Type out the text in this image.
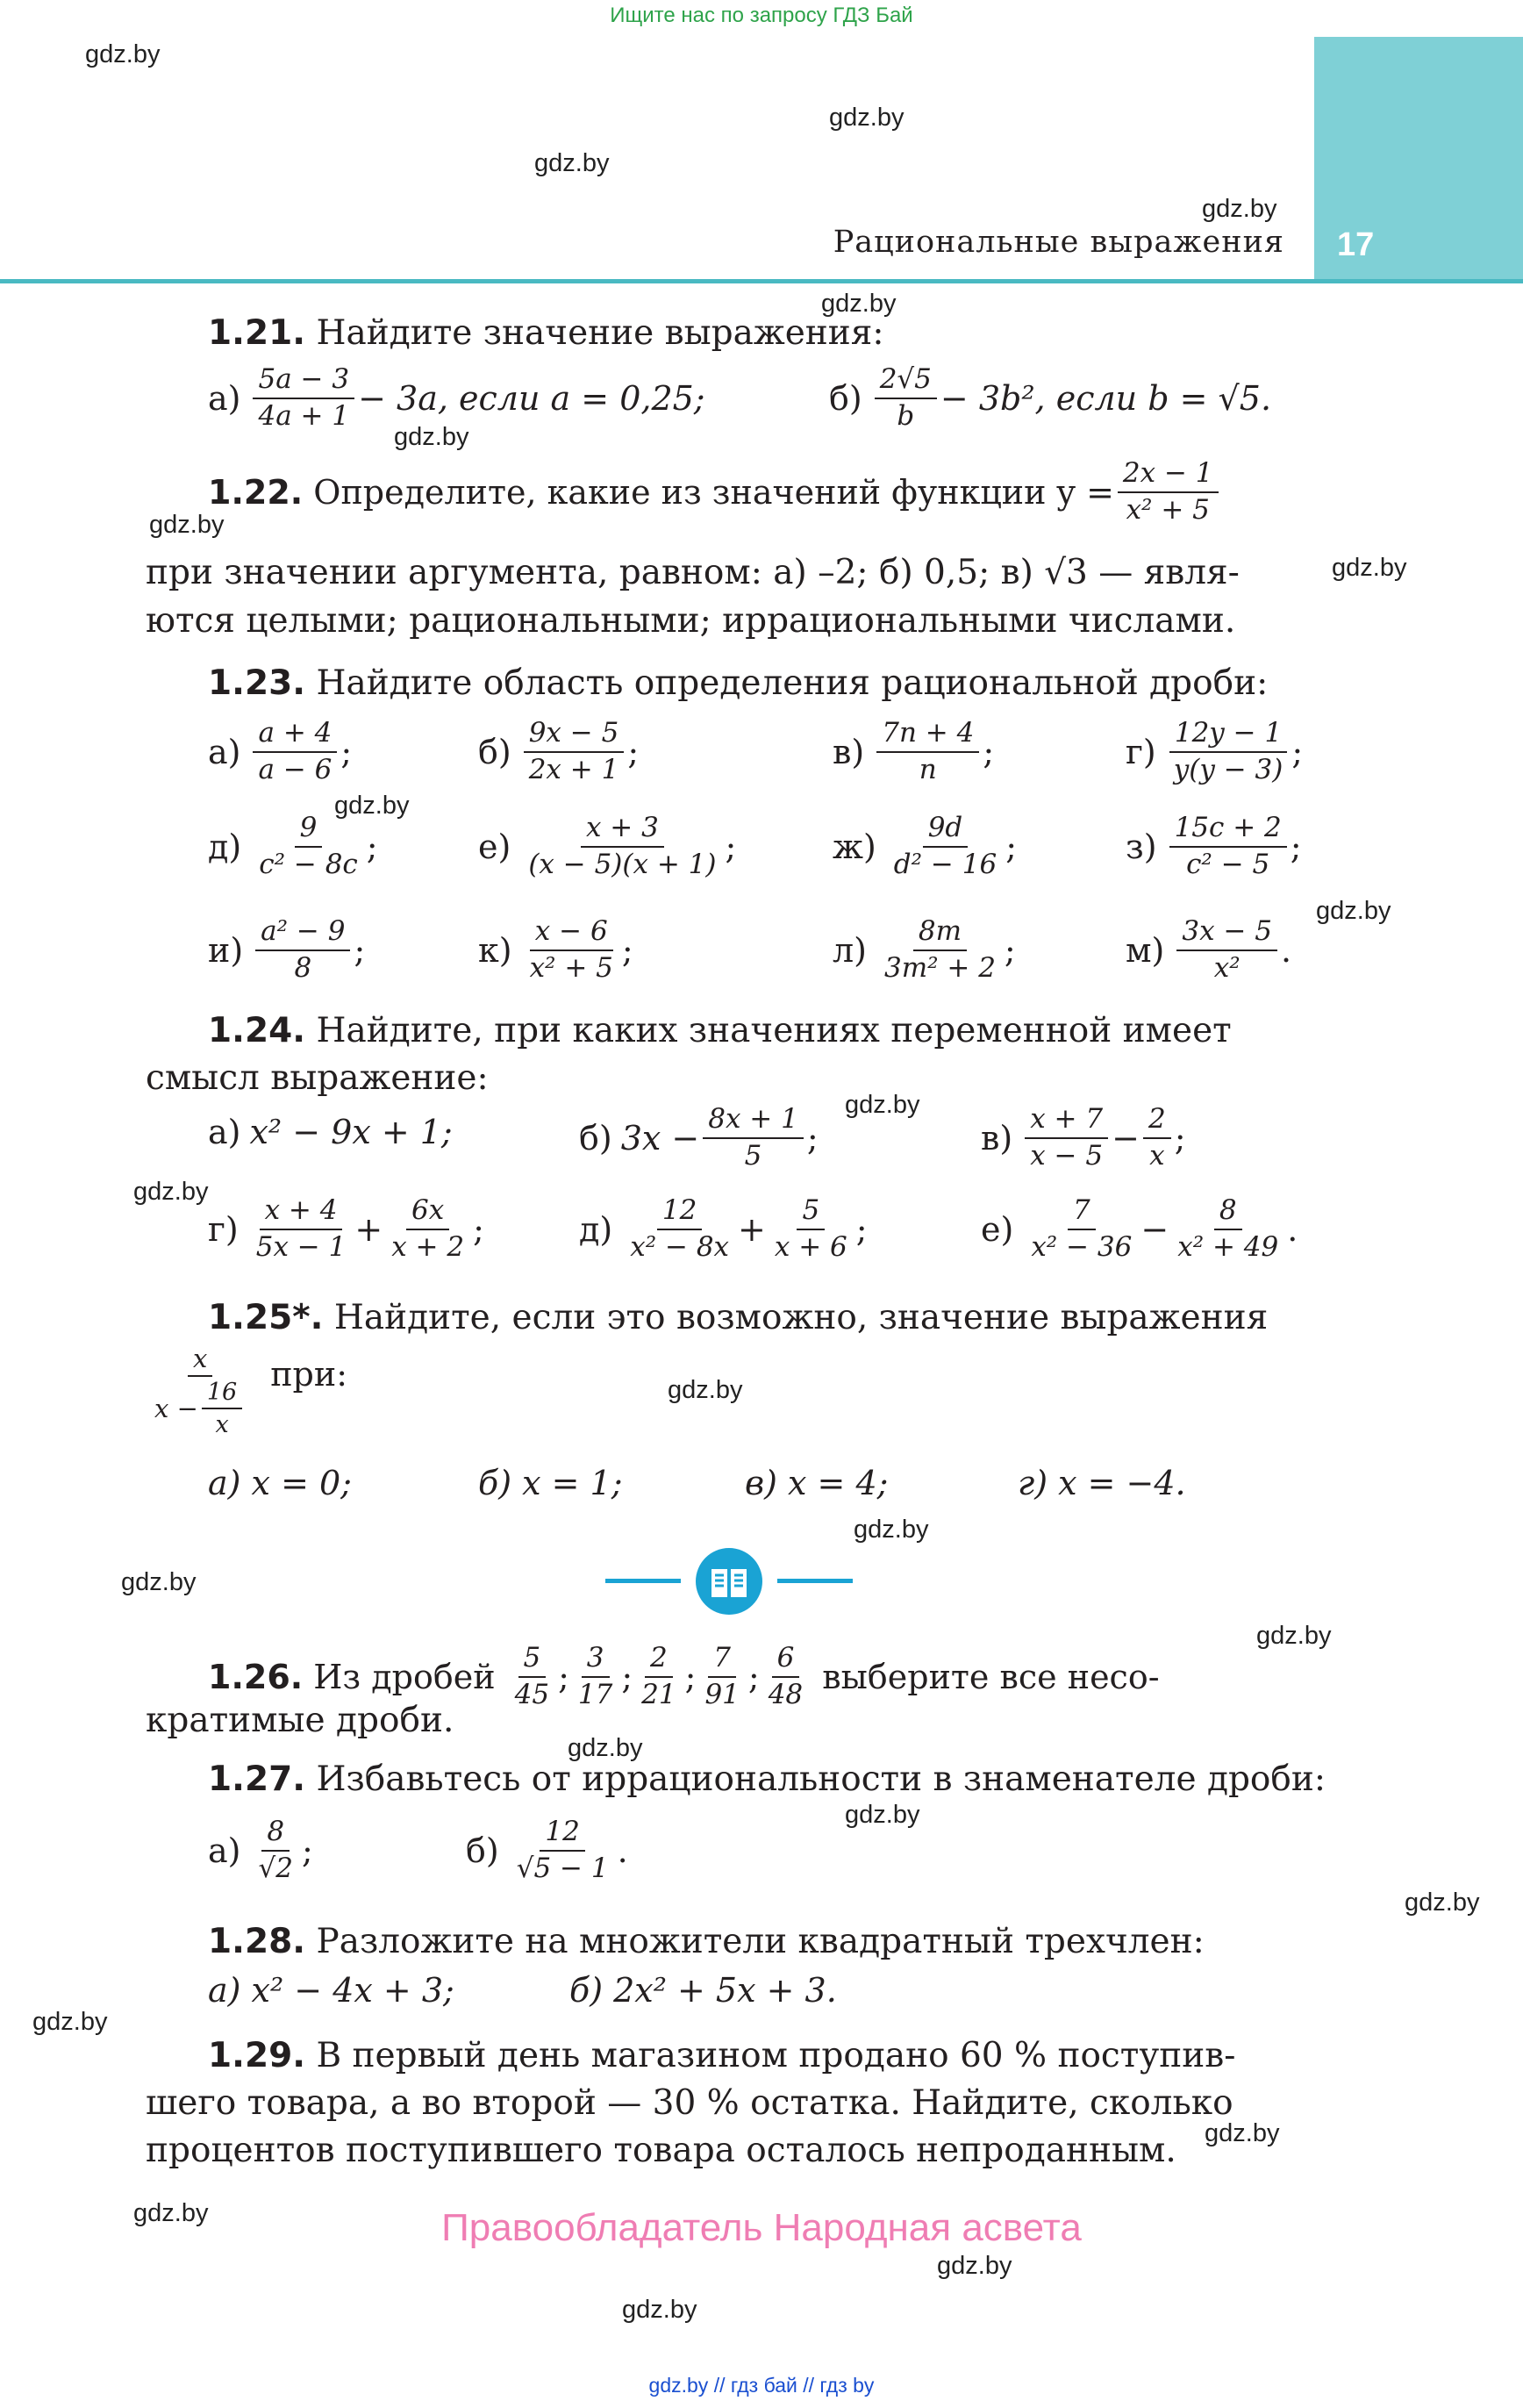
Ищите нас по запросу ГДЗ Бай
17
Рациональные выражения
gdz.by
gdz.by
gdz.by
gdz.by
gdz.by
gdz.by
gdz.by
gdz.by
gdz.by
gdz.by
gdz.by
gdz.by
gdz.by
gdz.by
gdz.by
gdz.by
gdz.by
gdz.by
gdz.by
gdz.by
gdz.by
gdz.by
gdz.by
gdz.by
1.21. Найдите значение выражения:
$а) \frac{5a - 3}{4a + 1} - 3a$, если a = 0,25;	$б) \frac{2√5}{b} - 3b^2$, если b = √5.
1.22.
Определите, какие из значений функции $y = \frac{2x - 1}{\text{x² + 5}}$
при значении аргумента, равном: а) –2; б) 0,5; в) √3 — явля-
ются целыми; рациональными; иррациональными числами.
1.23. Найдите область определения рациональной дроби:
$а) \frac{a + 4}{a - 6}$ ;	$б) \frac{9x - 5}{2x + 1}$ ;	$в) \frac{7n + 4}{n}$ ;	$г) \frac{12y - 1}{y(y - 3)}$ ;
$д) \frac{9}{\text{c² − 8c}}$ ;	$е) \frac{x + 3}{(x - 5)(x + 1)}$ ;	$ж) \frac{9d}{\text{d² − 16}}$ ;	$з) \frac{15c + 2}{\text{c² − 5}}$ ;
$и) \frac{\text{a² − 9}}{8}$ ;	$к) \frac{x - 6}{\text{x² + 5}}$ ;	$л) \frac{8m}{\text{3m² + 2}}$ ;	$м) \frac{3x - 5}{\text{x²}}$ .
1.24. Найдите, при каких значениях переменной имеет
смысл выражение:
а) x² − 9x + 1;	б) $3x - \frac{8x + 1}{5}$ ;	$в) \frac{x + 7}{x - 5} - \frac{2}{x}$ ;
$г) \frac{x + 4}{5x - 1} + \frac{6x}{x + 2}$ ;	$д) \frac{12}{\text{x² − 8x}} + \frac{5}{x + 6}$ ;	$е) \frac{7}{\text{x² − 36}} - \frac{8}{\text{x² + 49}}$ .
1.25*. Найдите, если это возможно, значение выражения
$\frac{x}{x - \frac{16}{x}}$ при:
а) x = 0;	б) x = 1;	в) x = 4;	г) x = −4.
1.26.
Из дробей
$\frac{5}{45}$ ; $\frac{3}{17}$ ; $\frac{2}{21}$ ; $\frac{7}{91}$ ; $\frac{6}{48}$
выберите все несо-
кратимые дроби.
1.27. Избавьтесь от иррациональности в знаменателе дроби:
$а) \frac{8}{√2}$ ;	$б) \frac{12}{√5 - 1}$ .
1.28. Разложите на множители квадратный трехчлен:
а) x² − 4x + 3;	б) 2x² + 5x + 3.
1.29. В первый день магазином продано 60 % поступив-
шего товара, а во второй — 30 % остатка. Найдите, сколько
процентов поступившего товара осталось непроданным.
Правообладатель Народная асвета
gdz.by // гдз бай // гдз by
